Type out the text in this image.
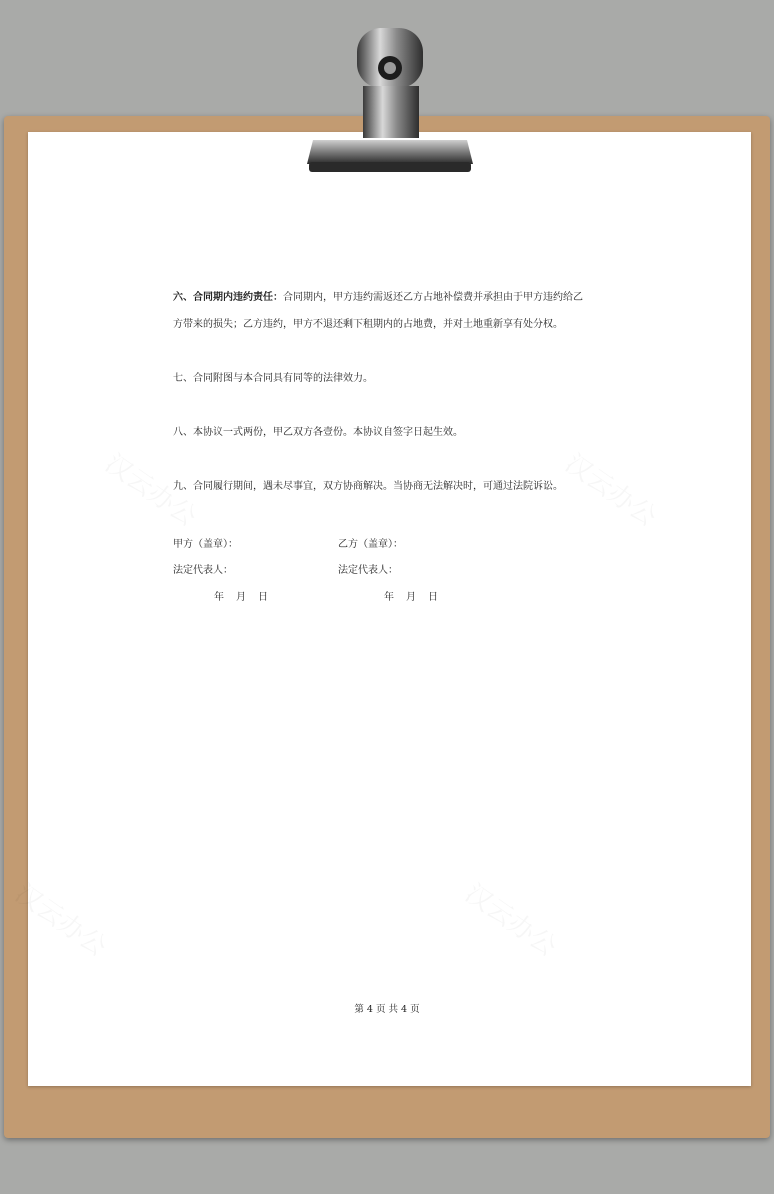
六、合同期内违约责任：合同期内，甲方违约需返还乙方占地补偿费并承担由于甲方违约给乙
方带来的损失；乙方违约，甲方不退还剩下租期内的占地费，并对土地重新享有处分权。
七、合同附图与本合同具有同等的法律效力。
八、本协议一式两份，甲乙双方各壹份。本协议自签字日起生效。
九、合同履行期间，遇未尽事宜，双方协商解决。当协商无法解决时，可通过法院诉讼。
甲方（盖章）：	乙方（盖章）：
法定代表人：	法定代表人：
年 月 日	年 月 日
第 4 页 共 4 页
